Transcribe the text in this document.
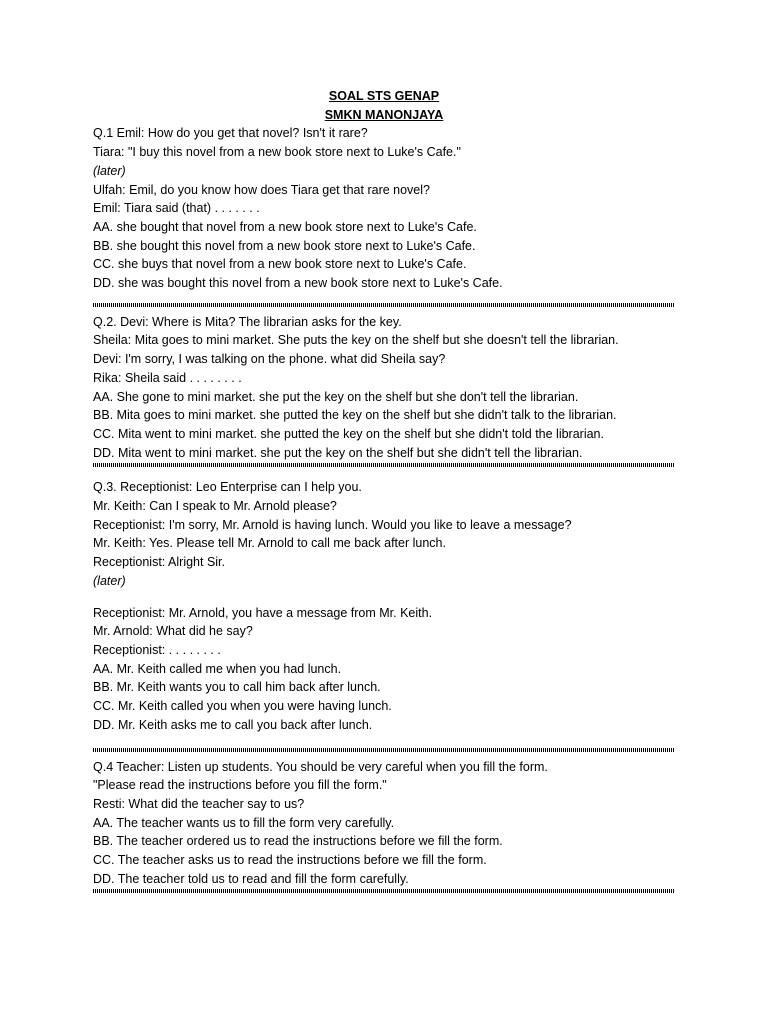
SOAL STS GENAP

SMKN MANONJAYA

Q.1 Emil: How do you get that novel? Isn't it rare?

Tiara: "I buy this novel from a new book store next to Luke's Cafe."

(later)

Ulfah: Emil, do you know how does Tiara get that rare novel?

Emil: Tiara said (that) . . . . . . .

AA. she bought that novel from a new book store next to Luke's Cafe.

BB. she bought this novel from a new book store next to Luke's Cafe.

CC. she buys that novel from a new book store next to Luke's Cafe.

DD. she was bought this novel from a new book store next to Luke's Cafe.

Q.2. Devi: Where is Mita? The librarian asks for the key.

Sheila: Mita goes to mini market. She puts the key on the shelf but she doesn't tell the librarian.

Devi: I'm sorry, I was talking on the phone. what did Sheila say?

Rika: Sheila said . . . . . . . .

AA. She gone to mini market. she put the key on the shelf but she don't tell the librarian.

BB. Mita goes to mini market. she putted the key on the shelf but she didn't talk to the librarian.

CC. Mita went to mini market. she putted the key on the shelf but she didn't told the librarian.

DD. Mita went to mini market. she put the key on the shelf but she didn't tell the librarian.

Q.3. Receptionist: Leo Enterprise can I help you.

Mr. Keith: Can I speak to Mr. Arnold please?

Receptionist: I'm sorry, Mr. Arnold is having lunch. Would you like to leave a message?

Mr. Keith: Yes. Please tell Mr. Arnold to call me back after lunch.

Receptionist: Alright Sir.

(later)

Receptionist: Mr. Arnold, you have a message from Mr. Keith.

Mr. Arnold: What did he say?

Receptionist: . . . . . . . .

AA. Mr. Keith called me when you had lunch.

BB. Mr. Keith wants you to call him back after lunch.

CC. Mr. Keith called you when you were having lunch.

DD. Mr. Keith asks me to call you back after lunch.

Q.4 Teacher: Listen up students. You should be very careful when you fill the form.

"Please read the instructions before you fill the form."

Resti: What did the teacher say to us?

AA. The teacher wants us to fill the form very carefully.

BB. The teacher ordered us to read the instructions before we fill the form.

CC. The teacher asks us to read the instructions before we fill the form.

DD. The teacher told us to read and fill the form carefully.
